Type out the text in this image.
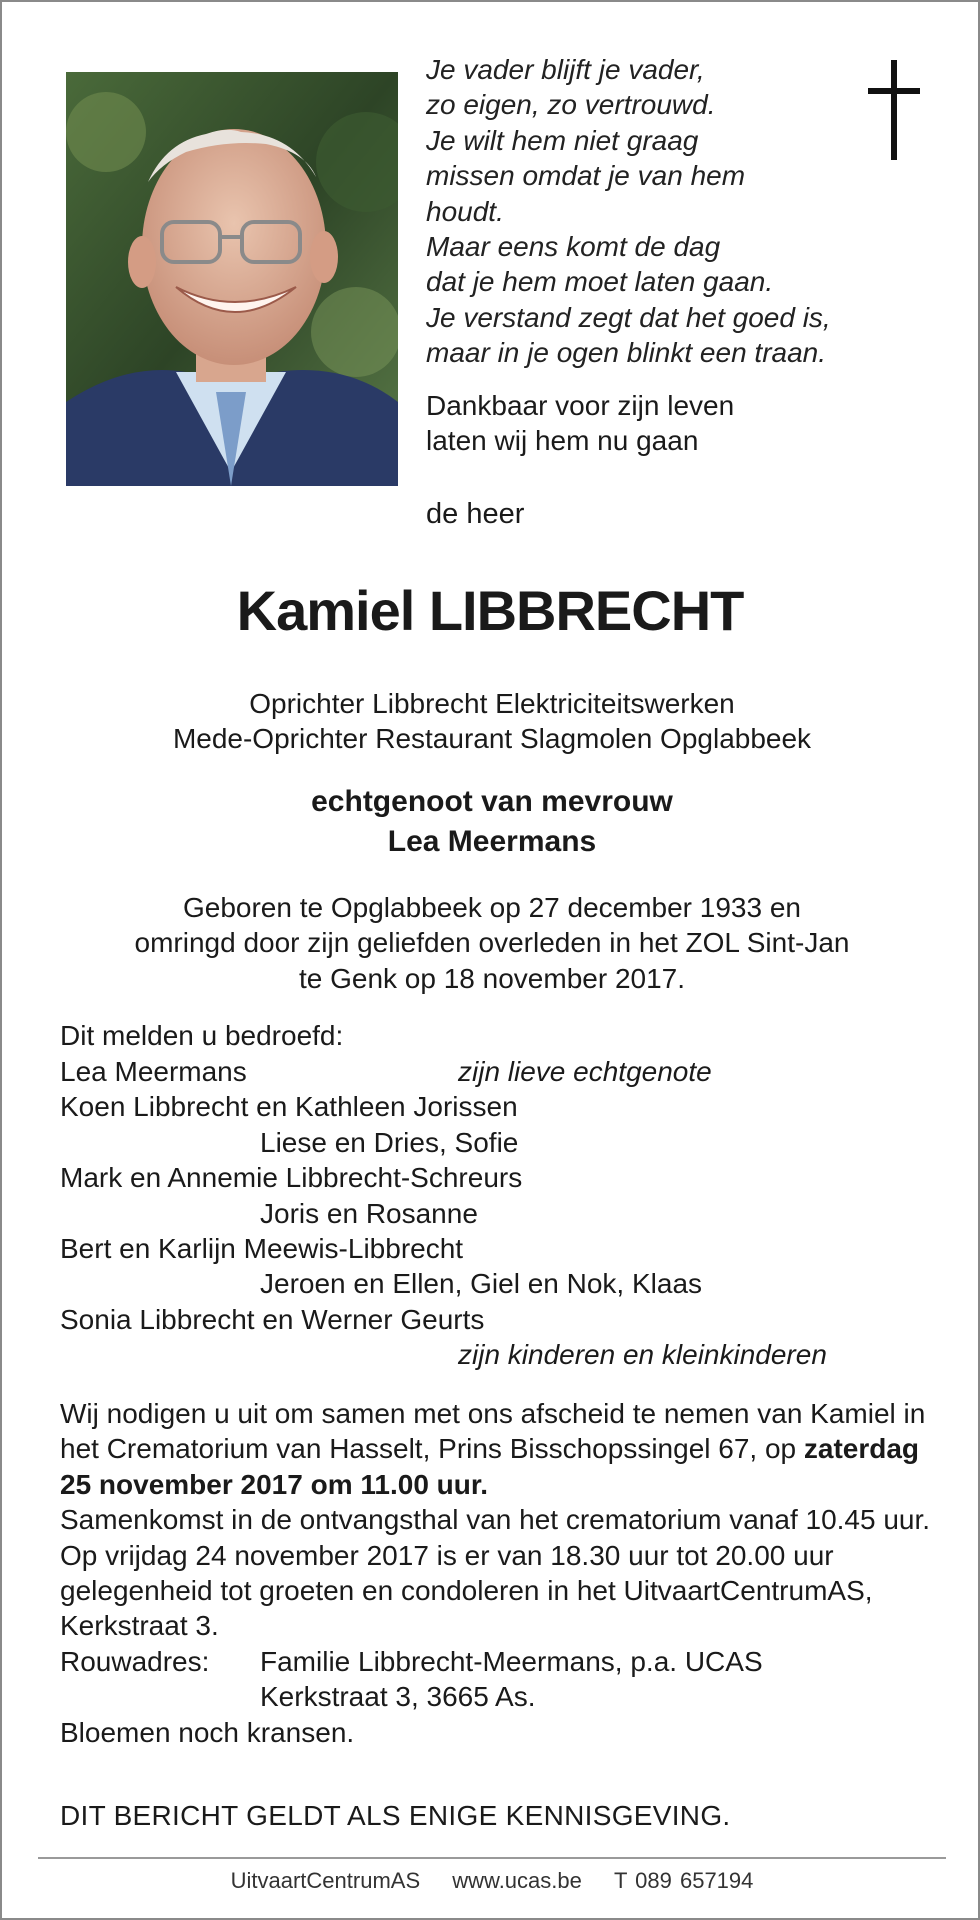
Je vader blijft je vader,
zo eigen, zo vertrouwd.
Je wilt hem niet graag
missen omdat je van hem
houdt.
Maar eens komt de dag
dat je hem moet laten gaan.
Je verstand zegt dat het goed is,
maar in je ogen blinkt een traan.
Dankbaar voor zijn leven
laten wij hem nu gaan
de heer
Kamiel LIBBRECHT
Oprichter Libbrecht Elektriciteitswerken
Mede-Oprichter Restaurant Slagmolen Opglabbeek
echtgenoot van mevrouw
Lea Meermans
Geboren te Opglabbeek op 27 december 1933 en
omringd door zijn geliefden overleden in het ZOL Sint-Jan
te Genk op 18 november 2017.
Dit melden u bedroefd:
Lea Meermans	zijn lieve echtgenote
Koen Libbrecht en Kathleen Jorissen
Liese en Dries, Sofie
Mark en Annemie Libbrecht-Schreurs
Joris en Rosanne
Bert en Karlijn Meewis-Libbrecht
Jeroen en Ellen, Giel en Nok, Klaas
Sonia Libbrecht en Werner Geurts
zijn kinderen en kleinkinderen

Wij nodigen u uit om samen met ons afscheid te nemen van Kamiel in het Crematorium van Hasselt, Prins Bisschopssingel 67, op zaterdag 25 november 2017 om 11.00 uur.

Samenkomst in de ontvangsthal van het crematorium vanaf 10.45 uur.

Op vrijdag 24 november 2017 is er van 18.30 uur tot 20.00 uur gelegenheid tot groeten en condoleren in het UitvaartCentrumAS, Kerkstraat 3.

Rouwadres: Familie Libbrecht-Meermans, p.a. UCAS
Kerkstraat 3, 3665 As.

Bloemen noch kransen.

DIT BERICHT GELDT ALS ENIGE KENNISGEVING.
UitvaartCentrumAS www.ucas.be T 089 657194
